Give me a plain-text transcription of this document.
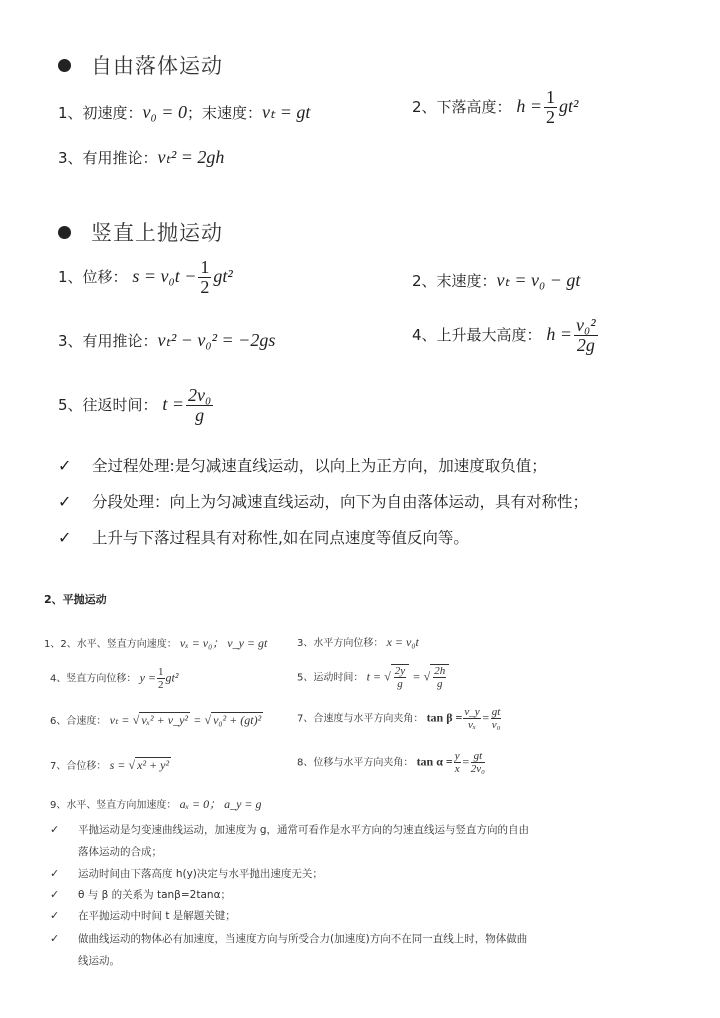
自由落体运动
1、初速度：v₀ = 0；末速度：vₜ = gt	2、下落高度： $h = \frac{1}{2} gt^2$
3、有用推论：vₜ² = 2gh
竖直上抛运动
1、位移： $s = v_0t - \frac{1}{2} gt^2$	2、末速度：vₜ = v₀ − gt
3、有用推论：vₜ² − v₀² = −2gs	4、上升最大高度： $h = \frac{\text{v₀²}}{2g}$
5、往返时间： $t = \frac{\text{2v₀}}{g}$
✓ 全过程处理:是匀减速直线运动，以向上为正方向，加速度取负值；
✓ 分段处理：向上为匀减速直线运动，向下为自由落体运动，具有对称性；
✓ 上升与下落过程具有对称性,如在同点速度等值反向等。
2、平抛运动
1、2、水平、竖直方向速度： vₓ = v₀； v_y = gt	3、水平方向位移： x = v₀t
4、竖直方向位移： $y = \frac{1}{2} gt^2$	5、运动时间： t = √ $\frac{2y}{g}$ = √ $\frac{2h}{g}$
6、合速度： vₜ = √ vₓ² + v_y² = √ v₀² + (gt)²	7、合速度与水平方向夹角： $\tan \beta = \frac{v\_y}{\text{vₓ}} = \frac{gt}{\text{v₀}}$
7、合位移： s = √ x² + y²	8、位移与水平方向夹角： $\tan \alpha = \frac{y}{x} = \frac{gt}{\text{2v₀}}$
9、水平、竖直方向加速度： aₓ = 0； a_y = g
✓ 平抛运动是匀变速曲线运动，加速度为 g，通常可看作是水平方向的匀速直线运与竖直方向的自由
落体运动的合成；
✓ 运动时间由下落高度 h(y)决定与水平抛出速度无关；
✓ θ 与 β 的关系为 tanβ=2tanα；
✓ 在平抛运动中时间 t 是解题关键；
✓ 做曲线运动的物体必有加速度，当速度方向与所受合力(加速度)方向不在同一直线上时，物体做曲
线运动。
